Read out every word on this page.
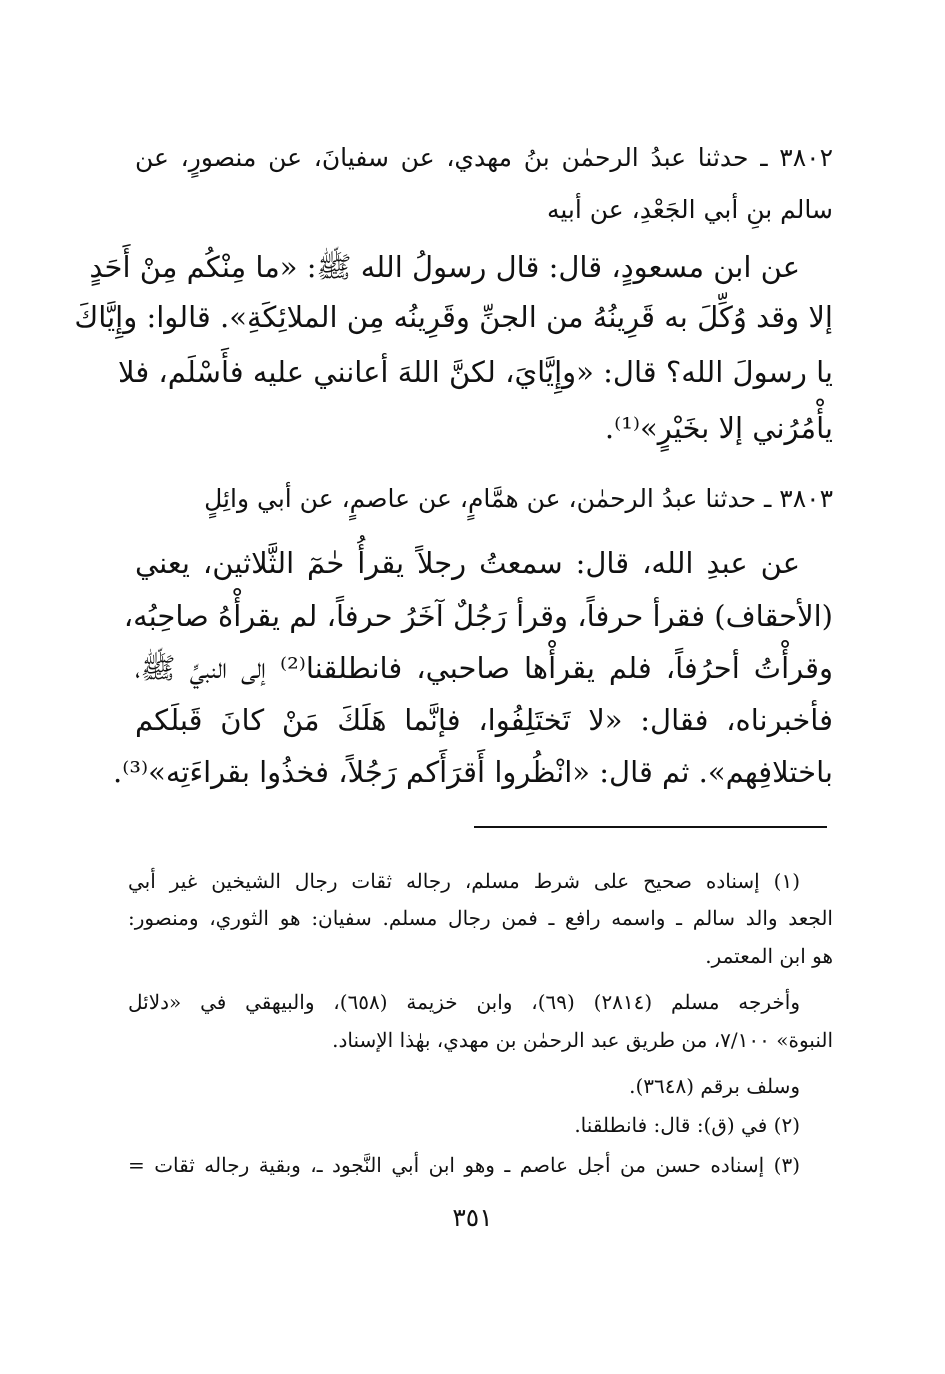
٣٨٠٢ ـ حدثنا عبدُ الرحمٰن بنُ مهدي، عن سفيانَ، عن منصورٍ، عن
سالم بنِ أبي الجَعْدِ، عن أبيه
عن ابن مسعودٍ، قال: قال رسولُ الله ﷺ: «ما مِنْكُم مِنْ أَحَدٍ
إلا وقد وُكِّلَ به قَرِينُهُ من الجنِّ وقَرِينُه مِن الملائِكَةِ». قالوا: وإِيَّاكَ
يا رسولَ الله؟ قال: «وإِيَّايَ، لكنَّ اللهَ أعانني عليه فأَسْلَم، فلا
يأْمُرُني إلا بخَيْرٍ»⁽¹⁾.
٣٨٠٣ ـ حدثنا عبدُ الرحمٰن، عن همَّامٍ، عن عاصمٍ، عن أبي وائِلٍ
عن عبدِ الله، قال: سمعتُ رجلاً يقرأُ حٰمٓ الثَّلاثين، يعني
(الأحقاف) فقرأ حرفاً، وقرأ رَجُلٌ آخَرُ حرفاً، لم يقرأْهُ صاحِبُه،
وقرأْتُ أحرُفاً، فلم يقرأْها صاحبي، فانطلقنا⁽²⁾ إلى النبيِّ ﷺ،
فأخبرناه، فقال: «لا تَختَلِفُوا، فإنَّما هَلَكَ مَنْ كانَ قَبلَكم
باختلافِهم». ثم قال: «انْظُروا أَقرَأَكم رَجُلاً، فخذُوا بقراءَتِه»⁽³⁾.
(١) إسناده صحيح على شرط مسلم، رجاله ثقات رجال الشيخين غير أبي
الجعد والد سالم ـ واسمه رافع ـ فمن رجال مسلم. سفيان: هو الثوري، ومنصور:
هو ابن المعتمر.
وأخرجه مسلم (٢٨١٤) (٦٩)، وابن خزيمة (٦٥٨)، والبيهقي في «دلائل
النبوة» ٧/١٠٠، من طريق عبد الرحمٰن بن مهدي، بهٰذا الإسناد.
وسلف برقم (٣٦٤٨).
(٢) في (ق): قال: فانطلقنا.
(٣) إسناده حسن من أجل عاصم ـ وهو ابن أبي النَّجود ـ، وبقية رجاله ثقات =
٣٥١
